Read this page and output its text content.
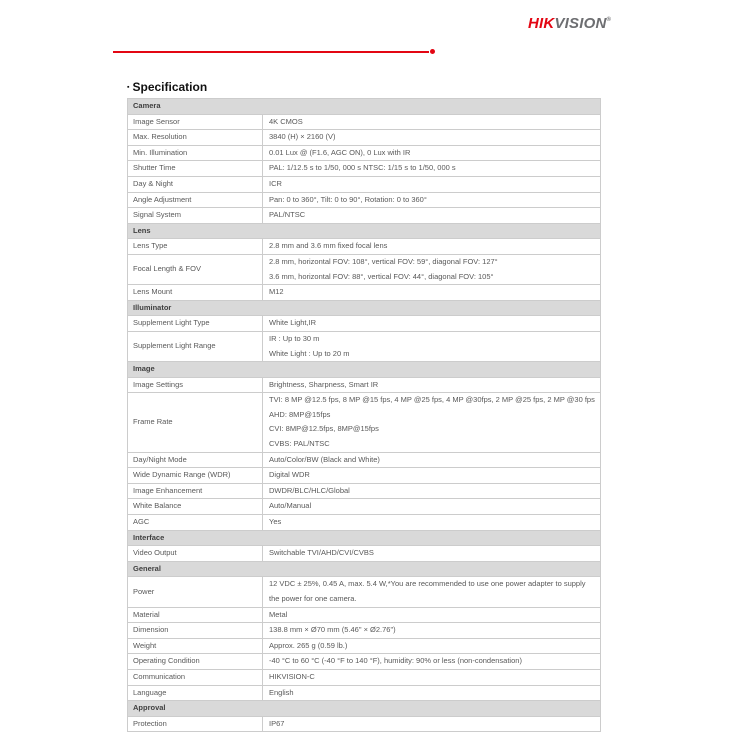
HIKVISION®
▪ Specification
Camera	
Image Sensor	4K CMOS

Max. Resolution	3840 (H) × 2160 (V)

Min. Illumination	0.01 Lux @ (F1.6, AGC ON), 0 Lux with IR

Shutter Time	PAL: 1/12.5 s to 1/50, 000 s NTSC: 1/15 s to 1/50, 000 s

Day & Night	ICR

Angle Adjustment	Pan: 0 to 360°, Tilt: 0 to 90°, Rotation: 0 to 360°

Signal System	PAL/NTSC

Lens	
Lens Type	2.8 mm and 3.6 mm fixed focal lens

Focal Length & FOV	2.8 mm, horizontal FOV: 108°, vertical FOV: 59°, diagonal FOV: 127°
3.6 mm, horizontal FOV: 88°, vertical FOV: 44°, diagonal FOV: 105°

Lens Mount	M12

Illuminator	
Supplement Light Type	White Light,IR

Supplement Light Range	IR : Up to 30 m
White Light : Up to 20 m

Image	
Image Settings	Brightness, Sharpness, Smart IR

Frame Rate	TVI: 8 MP @12.5 fps, 8 MP @15 fps, 4 MP @25 fps, 4 MP @30fps, 2 MP @25 fps, 2 MP @30 fps
AHD: 8MP@15fps
CVI: 8MP@12.5fps, 8MP@15fps
CVBS: PAL/NTSC

Day/Night Mode	Auto/Color/BW (Black and White)

Wide Dynamic Range (WDR)	Digital WDR

Image Enhancement	DWDR/BLC/HLC/Global

White Balance	Auto/Manual

AGC	Yes

Interface	
Video Output	Switchable TVI/AHD/CVI/CVBS

General	
Power	12 VDC ± 25%, 0.45 A, max. 5.4 W,*You are recommended to use one power adapter to supply the power for one camera.

Material	Metal

Dimension	138.8 mm × Ø70 mm (5.46" × Ø2.76")

Weight	Approx. 265 g (0.59 lb.)

Operating Condition	-40 °C to 60 °C (-40 °F to 140 °F), humidity: 90% or less (non-condensation)

Communication	HIKVISION-C

Language	English

Approval	
Protection	IP67
